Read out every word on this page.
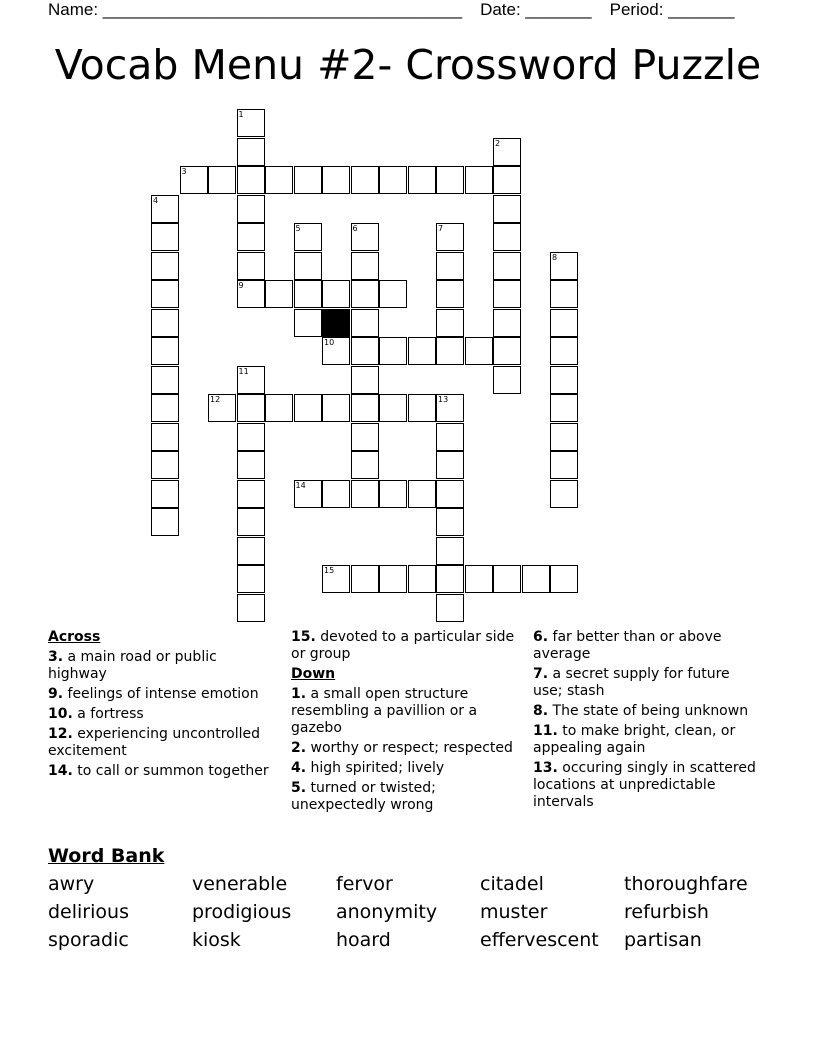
Name: ______________________________________ Date: _______ Period: _______
Vocab Menu #2- Crossword Puzzle
1
2
3
4
5	6	7
8
9
10
11
12	13
14
15
Across
3. a main road or public highway
9. feelings of intense emotion
10. a fortress
12. experiencing uncontrolled excitement
14. to call or summon together
15. devoted to a particular side or group
Down
1. a small open structure resembling a pavillion or a gazebo
2. worthy or respect; respected
4. high spirited; lively
5. turned or twisted; unexpectedly wrong
6. far better than or above average
7. a secret supply for future use; stash
8. The state of being unknown
11. to make bright, clean, or appealing again
13. occuring singly in scattered locations at unpredictable intervals
Word Bank
awry	venerable	fervor	citadel	thoroughfare
delirious	prodigious	anonymity	muster	refurbish
sporadic	kiosk	hoard	effervescent	partisan
